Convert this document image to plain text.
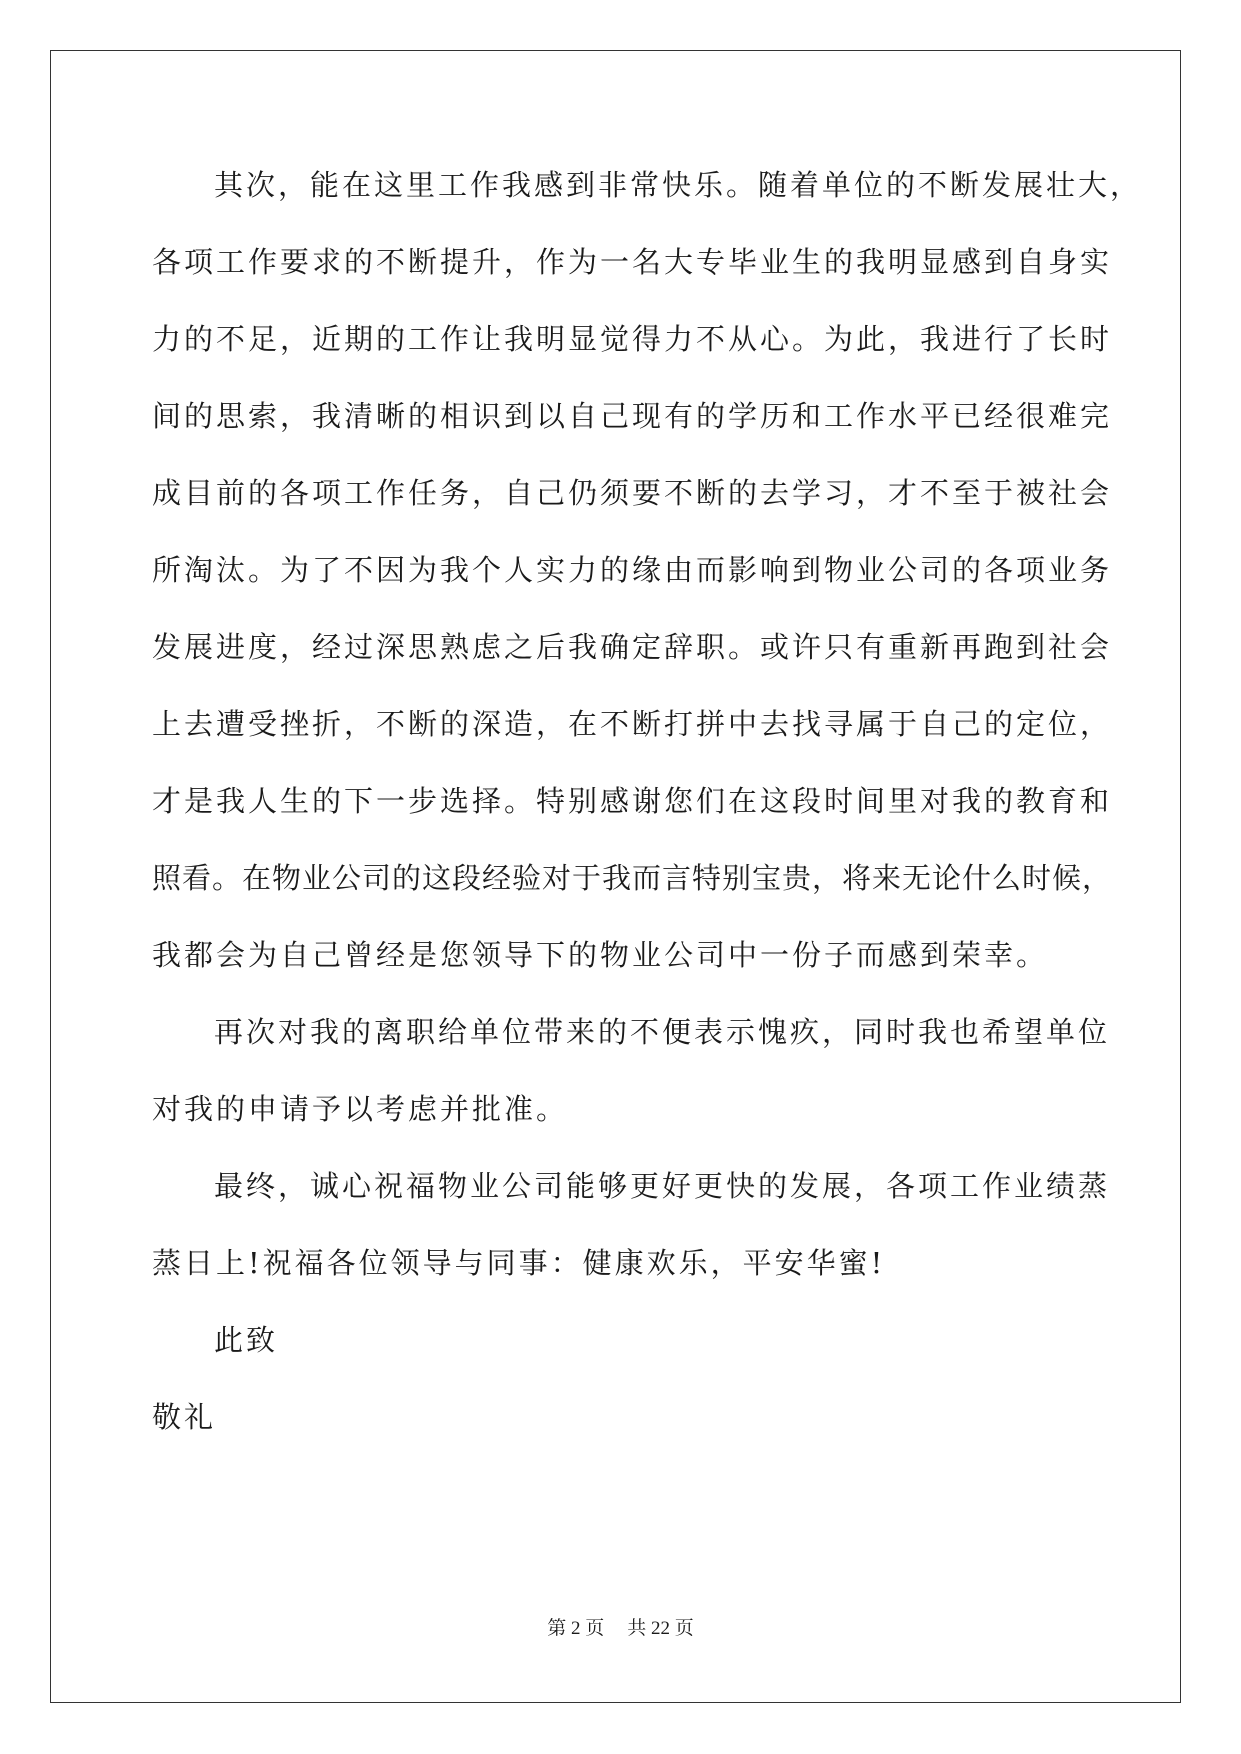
其次，能在这里工作我感到非常快乐。随着单位的不断发展壮大，
各项工作要求的不断提升，作为一名大专毕业生的我明显感到自身实
力的不足，近期的工作让我明显觉得力不从心。为此，我进行了长时
间的思索，我清晰的相识到以自己现有的学历和工作水平已经很难完
成目前的各项工作任务，自己仍须要不断的去学习，才不至于被社会
所淘汰。为了不因为我个人实力的缘由而影响到物业公司的各项业务
发展进度，经过深思熟虑之后我确定辞职。或许只有重新再跑到社会
上去遭受挫折，不断的深造，在不断打拼中去找寻属于自己的定位，
才是我人生的下一步选择。特别感谢您们在这段时间里对我的教育和
照看。在物业公司的这段经验对于我而言特别宝贵，将来无论什么时候，
我都会为自己曾经是您领导下的物业公司中一份子而感到荣幸。
再次对我的离职给单位带来的不便表示愧疚，同时我也希望单位
对我的申请予以考虑并批准。
最终，诚心祝福物业公司能够更好更快的发展，各项工作业绩蒸
蒸日上!祝福各位领导与同事：健康欢乐，平安华蜜!
此致
敬礼
第 2 页 共 22 页
